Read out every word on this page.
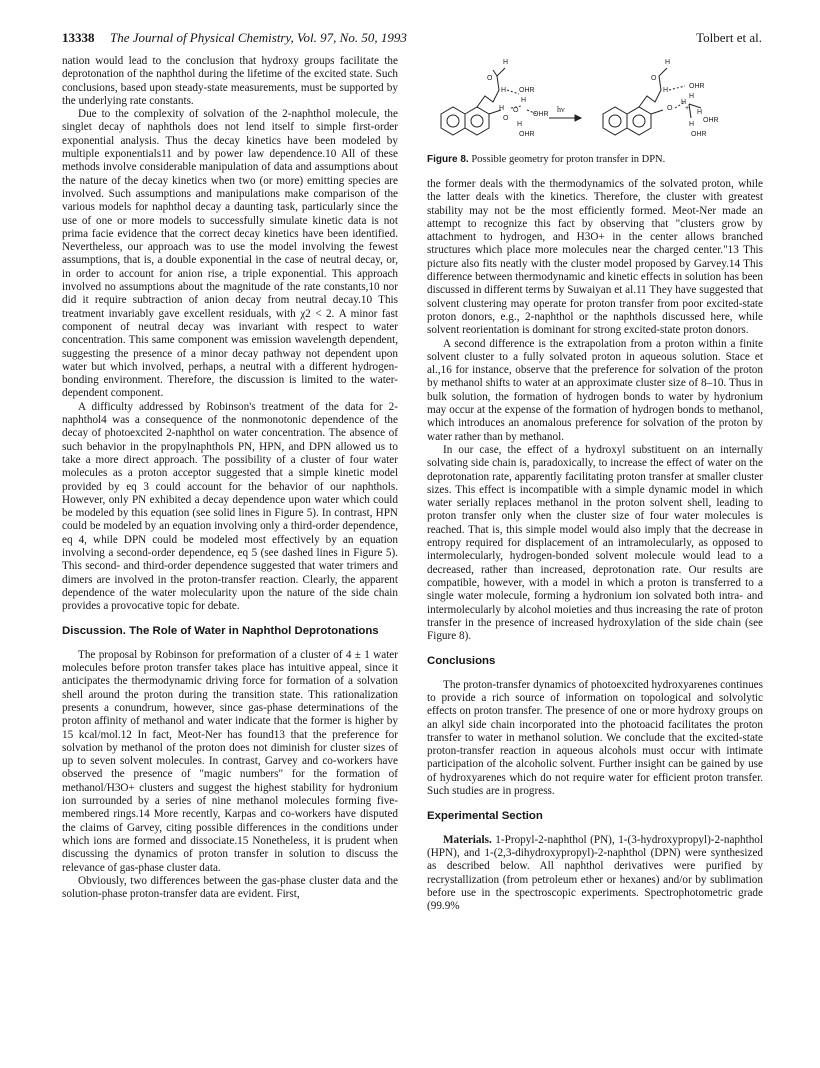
13338 The Journal of Physical Chemistry, Vol. 97, No. 50, 1993	Tolbert et al.

nation would lead to the conclusion that hydroxy groups facilitate the deprotonation of the naphthol during the lifetime of the excited state. Such conclusions, based upon steady-state measurements, must be supported by the underlying rate constants.

Due to the complexity of solvation of the 2-naphthol molecule, the singlet decay of naphthols does not lend itself to simple first-order exponential analysis. Thus the decay kinetics have been modeled by multiple exponentials11 and by power law dependence.10 All of these methods involve considerable manipulation of data and assumptions about the nature of the decay kinetics when two (or more) emitting species are involved. Such assumptions and manipulations make comparison of the various models for naphthol decay a daunting task, particularly since the use of one or more models to successfully simulate kinetic data is not prima facie evidence that the correct decay kinetics have been identified. Nevertheless, our approach was to use the model involving the fewest assumptions, that is, a double exponential in the case of neutral decay, or, in order to account for anion rise, a triple exponential. This approach involved no assumptions about the magnitude of the rate constants,10 nor did it require subtraction of anion decay from neutral decay.10 This treatment invariably gave excellent residuals, with χ2 < 2. A minor fast component of neutral decay was invariant with respect to water concentration. This same component was emission wavelength dependent, suggesting the presence of a minor decay pathway not dependent upon water but which involved, perhaps, a neutral with a different hydrogen-bonding environment. Therefore, the discussion is limited to the water-dependent component.

A difficulty addressed by Robinson's treatment of the data for 2-naphthol4 was a consequence of the nonmonotonic dependence of the decay of photoexcited 2-naphthol on water concentration. The absence of such behavior in the propylnaphthols PN, HPN, and DPN allowed us to take a more direct approach. The possibility of a cluster of four water molecules as a proton acceptor suggested that a simple kinetic model provided by eq 3 could account for the behavior of our naphthols. However, only PN exhibited a decay dependence upon water which could be modeled by this equation (see solid lines in Figure 5). In contrast, HPN could be modeled by an equation involving only a third-order dependence, eq 4, while DPN could be modeled most effectively by an equation involving a second-order dependence, eq 5 (see dashed lines in Figure 5). This second- and third-order dependence suggested that water trimers and dimers are involved in the proton-transfer reaction. Clearly, the apparent dependence of the water molecularity upon the nature of the side chain provides a provocative topic for debate.

Discussion. The Role of Water in Naphthol Deprotonations

The proposal by Robinson for preformation of a cluster of 4 ± 1 water molecules before proton transfer takes place has intuitive appeal, since it anticipates the thermodynamic driving force for formation of a solvation shell around the proton during the transition state. This rationalization presents a conundrum, however, since gas-phase determinations of the proton affinity of methanol and water indicate that the former is higher by 15 kcal/mol.12 In fact, Meot-Ner has found13 that the preference for solvation by methanol of the proton does not diminish for cluster sizes of up to seven solvent molecules. In contrast, Garvey and co-workers have observed the presence of "magic numbers" for the formation of methanol/H3O+ clusters and suggest the highest stability for hydronium ion surrounded by a series of nine methanol molecules forming five-membered rings.14 More recently, Karpas and co-workers have disputed the claims of Garvey, citing possible differences in the conditions under which ions are formed and dissociate.15 Nonetheless, it is prudent when discussing the dynamics of proton transfer in solution to discuss the relevance of gas-phase cluster data.

Obviously, two differences between the gas-phase cluster data and the solution-phase proton-transfer data are evident. First,

H
O
H OHR
H
H O
OHR
O
H
OHR
hν
H
O
H
OHR
O
H
H
+
H
OHR
H
OHR
Figure 8. Possible geometry for proton transfer in DPN.

the former deals with the thermodynamics of the solvated proton, while the latter deals with the kinetics. Therefore, the cluster with greatest stability may not be the most efficiently formed. Meot-Ner made an attempt to recognize this fact by observing that "clusters grow by attachment to hydrogen, and H3O+ in the center allows branched structures which place more molecules near the charged center."13 This picture also fits neatly with the cluster model proposed by Garvey.14 This difference between thermodynamic and kinetic effects in solution has been discussed in different terms by Suwaiyan et al.11 They have suggested that solvent clustering may operate for proton transfer from poor excited-state proton donors, e.g., 2-naphthol or the naphthols discussed here, while solvent reorientation is dominant for strong excited-state proton donors.

A second difference is the extrapolation from a proton within a finite solvent cluster to a fully solvated proton in aqueous solution. Stace et al.,16 for instance, observe that the preference for solvation of the proton by methanol shifts to water at an approximate cluster size of 8–10. Thus in bulk solution, the formation of hydrogen bonds to water by hydronium may occur at the expense of the formation of hydrogen bonds to methanol, which introduces an anomalous preference for solvation of the proton by water rather than by methanol.

In our case, the effect of a hydroxyl substituent on an internally solvating side chain is, paradoxically, to increase the effect of water on the deprotonation rate, apparently facilitating proton transfer at smaller cluster sizes. This effect is incompatible with a simple dynamic model in which water serially replaces methanol in the proton solvent shell, leading to proton transfer only when the cluster size of four water molecules is reached. That is, this simple model would also imply that the decrease in entropy required for displacement of an intramolecularly, as opposed to intermolecularly, hydrogen-bonded solvent molecule would lead to a decreased, rather than increased, deprotonation rate. Our results are compatible, however, with a model in which a proton is transferred to a single water molecule, forming a hydronium ion solvated both intra- and intermolecularly by alcohol moieties and thus increasing the rate of proton transfer in the presence of increased hydroxylation of the side chain (see Figure 8).

Conclusions

The proton-transfer dynamics of photoexcited hydroxyarenes continues to provide a rich source of information on topological and solvolytic effects on proton transfer. The presence of one or more hydroxy groups on an alkyl side chain incorporated into the photoacid facilitates the proton transfer to water in methanol solution. We conclude that the excited-state proton-transfer reaction in aqueous alcohols must occur with intimate participation of the alcoholic solvent. Further insight can be gained by use of hydroxyarenes which do not require water for efficient proton transfer. Such studies are in progress.

Experimental Section

Materials. 1-Propyl-2-naphthol (PN), 1-(3-hydroxypropyl)-2-naphthol (HPN), and 1-(2,3-dihydroxypropyl)-2-naphthol (DPN) were synthesized as described below. All naphthol derivatives were purified by recrystallization (from petroleum ether or hexanes) and/or by sublimation before use in the spectroscopic experiments. Spectrophotometric grade (99.9%
